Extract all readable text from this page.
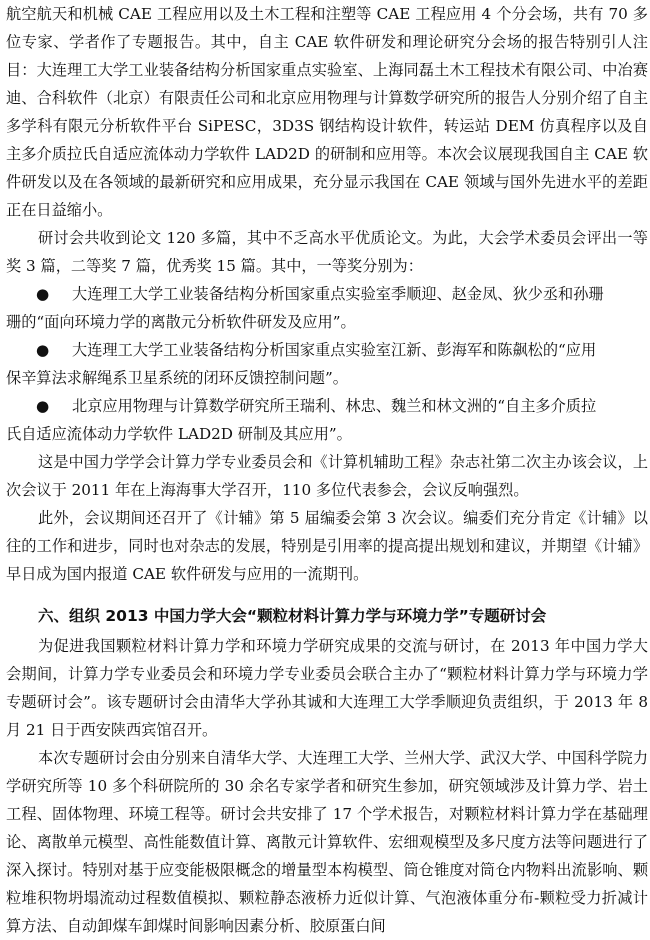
航空航天和机械 CAE 工程应用以及土木工程和注塑等 CAE 工程应用 4 个分会场，共有 70 多位专家、学者作了专题报告。其中，自主 CAE 软件研发和理论研究分会场的报告特别引人注目：大连理工大学工业装备结构分析国家重点实验室、上海同磊土木工程技术有限公司、中冶赛迪、合科软件（北京）有限责任公司和北京应用物理与计算数学研究所的报告人分别介绍了自主多学科有限元分析软件平台 SiPESC，3D3S 钢结构设计软件，转运站 DEM 仿真程序以及自主多介质拉氏自适应流体动力学软件 LAD2D 的研制和应用等。本次会议展现我国自主 CAE 软件研发以及在各领域的最新研究和应用成果，充分显示我国在 CAE 领域与国外先进水平的差距正在日益缩小。

研讨会共收到论文 120 多篇，其中不乏高水平优质论文。为此，大会学术委员会评出一等奖 3 篇，二等奖 7 篇，优秀奖 15 篇。其中，一等奖分别为：

● 大连理工大学工业装备结构分析国家重点实验室季顺迎、赵金凤、狄少丞和孙珊

珊的“面向环境力学的离散元分析软件研发及应用”。

● 大连理工大学工业装备结构分析国家重点实验室江新、彭海军和陈飙松的“应用

保辛算法求解绳系卫星系统的闭环反馈控制问题”。

● 北京应用物理与计算数学研究所王瑞利、林忠、魏兰和林文洲的“自主多介质拉

氏自适应流体动力学软件 LAD2D 研制及其应用”。

这是中国力学学会计算力学专业委员会和《计算机辅助工程》杂志社第二次主办该会议，上次会议于 2011 年在上海海事大学召开，110 多位代表参会，会议反响强烈。

此外，会议期间还召开了《计辅》第 5 届编委会第 3 次会议。编委们充分肯定《计辅》以往的工作和进步，同时也对杂志的发展，特别是引用率的提高提出规划和建议，并期望《计辅》早日成为国内报道 CAE 软件研发与应用的一流期刊。

六、组织 2013 中国力学大会“颗粒材料计算力学与环境力学”专题研讨会

为促进我国颗粒材料计算力学和环境力学研究成果的交流与研讨，在 2013 年中国力学大会期间，计算力学专业委员会和环境力学专业委员会联合主办了“颗粒材料计算力学与环境力学专题研讨会”。该专题研讨会由清华大学孙其诚和大连理工大学季顺迎负责组织，于 2013 年 8 月 21 日于西安陕西宾馆召开。

本次专题研讨会由分别来自清华大学、大连理工大学、兰州大学、武汉大学、中国科学院力学研究所等 10 多个科研院所的 30 余名专家学者和研究生参加，研究领域涉及计算力学、岩土工程、固体物理、环境工程等。研讨会共安排了 17 个学术报告，对颗粒材料计算力学在基础理论、离散单元模型、高性能数值计算、离散元计算软件、宏细观模型及多尺度方法等问题进行了深入探讨。特别对基于应变能极限概念的增量型本构模型、筒仓锥度对筒仓内物料出流影响、颗粒堆积物坍塌流动过程数值模拟、颗粒静态液桥力近似计算、气泡液体重分布-颗粒受力折减计算方法、自动卸煤车卸煤时间影响因素分析、胶原蛋白间
